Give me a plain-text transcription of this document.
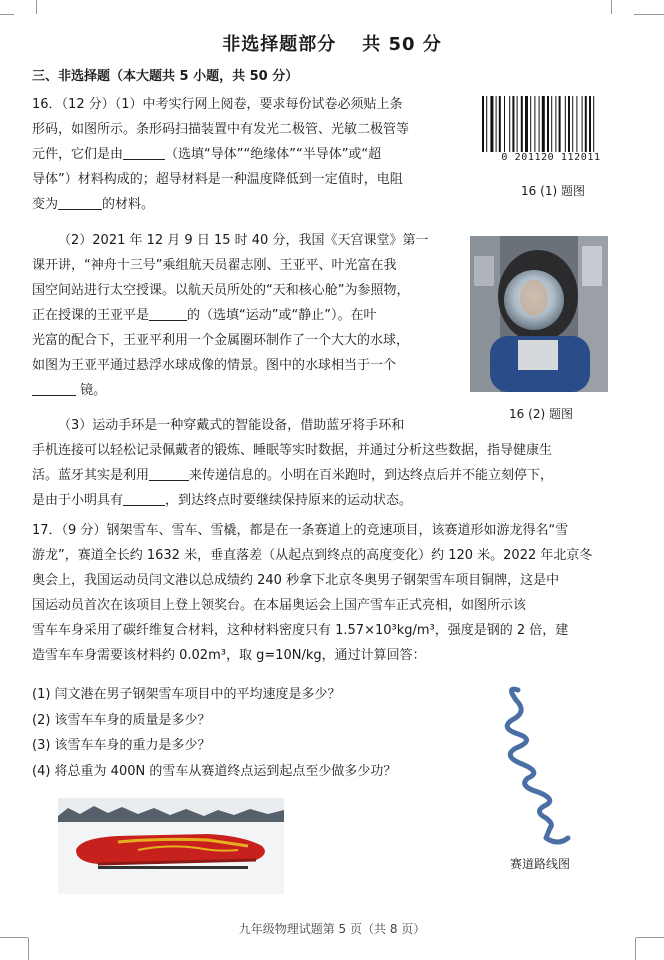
非选择题部分 共 50 分
三、非选择题（本大题共 5 小题，共 50 分）

16．（12 分）（1）中考实行网上阅卷，要求每份试卷必须贴上条

形码，如图所示。条形码扫描装置中有发光二极管、光敏二极管等

元件，它们是由	（选填“导体”“绝缘体”“半导体”或“超

导体”）材料构成的；超导材料是一种温度降低到一定值时，电阻

变为	的材料。

0 201120 112011
16 (1) 题图

（2）2021 年 12 月 9 日 15 时 40 分，我国《天宫课堂》第一

课开讲，“神舟十三号”乘组航天员翟志刚、王亚平、叶光富在我

国空间站进行太空授课。以航天员所处的“天和核心舱”为参照物，

正在授课的王亚平是	的（选填“运动”或“静止”）。在叶

光富的配合下，王亚平利用一个金属圈环制作了一个大大的水球，

如图为王亚平通过悬浮水球成像的情景。图中的水球相当于一个

镜。

16 (2) 题图

（3）运动手环是一种穿戴式的智能设备，借助蓝牙将手环和

手机连接可以轻松记录佩戴者的锻炼、睡眠等实时数据，并通过分析这些数据，指导健康生

活。蓝牙其实是利用	来传递信息的。小明在百米跑时，到达终点后并不能立刻停下，

是由于小明具有	，到达终点时要继续保持原来的运动状态。

17．（9 分）钢架雪车、雪车、雪橇，都是在一条赛道上的竞速项目，该赛道形如游龙得名“雪

游龙”，赛道全长约 1632 米，垂直落差（从起点到终点的高度变化）约 120 米。2022 年北京冬

奥会上，我国运动员闫文港以总成绩约 240 秒拿下北京冬奥男子钢架雪车项目铜牌，这是中

国运动员首次在该项目上登上领奖台。在本届奥运会上国产雪车正式亮相，如图所示该

雪车车身采用了碳纤维复合材料，这种材料密度只有 1.57×10³kg/m³，强度是钢的 2 倍，建

造雪车车身需要该材料约 0.02m³，取 g=10N/kg，通过计算回答：

(1) 闫文港在男子钢架雪车项目中的平均速度是多少？

(2) 该雪车车身的质量是多少？

(3) 该雪车车身的重力是多少？

(4) 将总重为 400N 的雪车从赛道终点运到起点至少做多少功？

赛道路线图
九年级物理试题第 5 页（共 8 页）
